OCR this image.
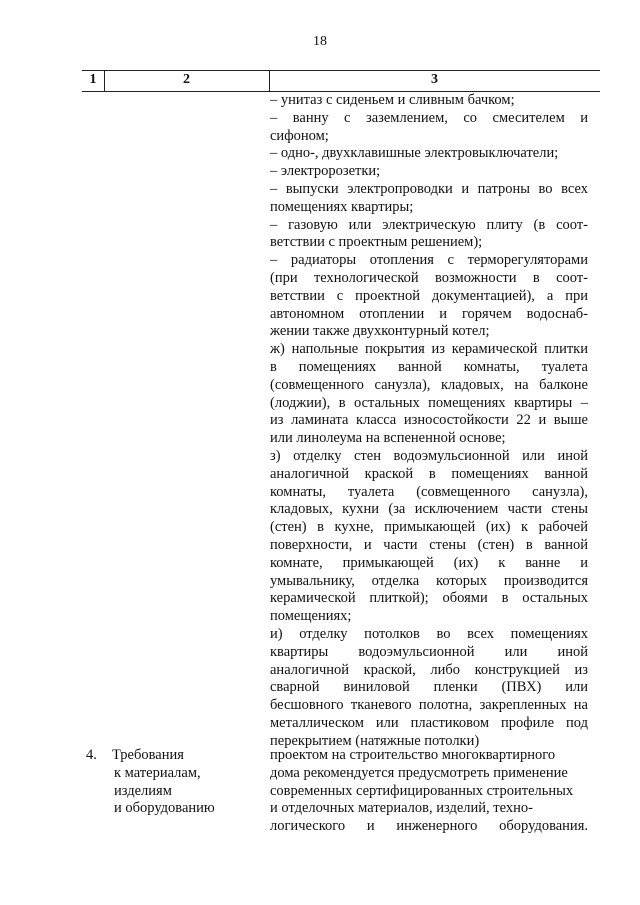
18
1	2	3

– унитаз с сиденьем и сливным бачком;

– ванну с заземлением, со смесителем и

сифоном;

– одно-, двухклавишные электровыключатели;

– электророзетки;

– выпуски электропроводки и патроны во всех

помещениях квартиры;

– газовую или электрическую плиту (в соот-

ветствии с проектным решением);

– радиаторы отопления с терморегуляторами

(при технологической возможности в соот-

ветствии с проектной документацией), а при

автономном отоплении и горячем водоснаб-

жении также двухконтурный котел;

ж) напольные покрытия из керамической плитки

в помещениях ванной комнаты, туалета

(совмещенного санузла), кладовых, на балконе

(лоджии), в остальных помещениях квартиры –

из ламината класса износостойкости 22 и выше

или линолеума на вспененной основе;

з) отделку стен водоэмульсионной или иной

аналогичной краской в помещениях ванной

комнаты, туалета (совмещенного санузла),

кладовых, кухни (за исключением части стены

(стен) в кухне, примыкающей (их) к рабочей

поверхности, и части стены (стен) в ванной

комнате, примыкающей (их) к ванне и

умывальнику, отделка которых производится

керамической плиткой); обоями в остальных

помещениях;

и) отделку потолков во всех помещениях

квартиры водоэмульсионной или иной

аналогичной краской, либо конструкцией из

сварной виниловой пленки (ПВХ) или

бесшовного тканевого полотна, закрепленных на

металлическом или пластиковом профиле под

перекрытием (натяжные потолки)

4. Требования
к материалам,
изделиям
и оборудованию

проектом на строительство многоквартирного

дома рекомендуется предусмотреть применение

современных сертифицированных строительных

и отделочных материалов, изделий, техно-

логического и инженерного оборудования.
